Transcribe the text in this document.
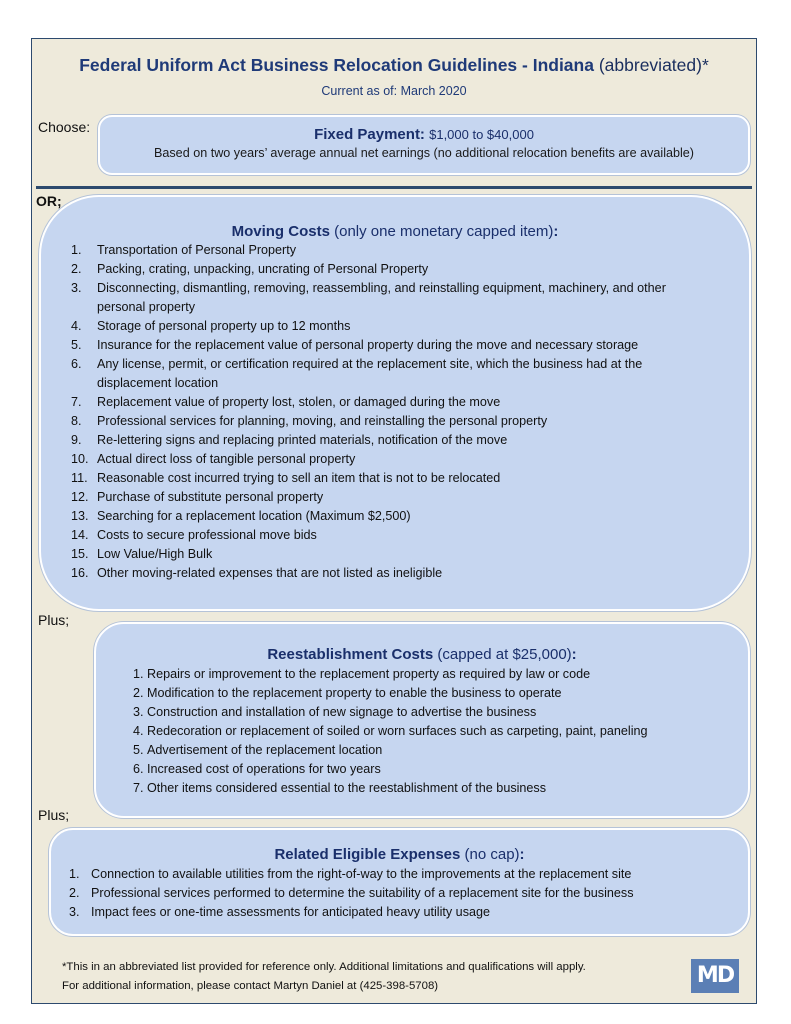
Federal Uniform Act Business Relocation Guidelines - Indiana (abbreviated)*
Current as of: March 2020
Choose:	Fixed Payment: $1,000 to $40,000
Based on two years’ average annual net earnings (no additional relocation benefits are available)
OR;
Moving Costs (only one monetary capped item):
1.	Transportation of Personal Property
2.	Packing, crating, unpacking, uncrating of Personal Property
3.	Disconnecting, dismantling, removing, reassembling, and reinstalling equipment, machinery, and other personal property
4.	Storage of personal property up to 12 months
5.	Insurance for the replacement value of personal property during the move and necessary storage
6.	Any license, permit, or certification required at the replacement site, which the business had at the displacement location
7.	Replacement value of property lost, stolen, or damaged during the move
8.	Professional services for planning, moving, and reinstalling the personal property
9.	Re-lettering signs and replacing printed materials, notification of the move
10. Actual direct loss of tangible personal property
11. Reasonable cost incurred trying to sell an item that is not to be relocated
12. Purchase of substitute personal property
13. Searching for a replacement location (Maximum $2,500)
14. Costs to secure professional move bids
15. Low Value/High Bulk
16. Other moving-related expenses that are not listed as ineligible
Plus;
Reestablishment Costs (capped at $25,000):
1. Repairs or improvement to the replacement property as required by law or code
2. Modification to the replacement property to enable the business to operate
3. Construction and installation of new signage to advertise the business
4. Redecoration or replacement of soiled or worn surfaces such as carpeting, paint, paneling
5. Advertisement of the replacement location
6. Increased cost of operations for two years
7. Other items considered essential to the reestablishment of the business
Plus;
Related Eligible Expenses (no cap):
1. Connection to available utilities from the right-of-way to the improvements at the replacement site
2. Professional services performed to determine the suitability of a replacement site for the business
3. Impact fees or one-time assessments for anticipated heavy utility usage
*This in an abbreviated list provided for reference only. Additional limitations and qualifications will apply.
For additional information, please contact Martyn Daniel at (425-398-5708)	MD
